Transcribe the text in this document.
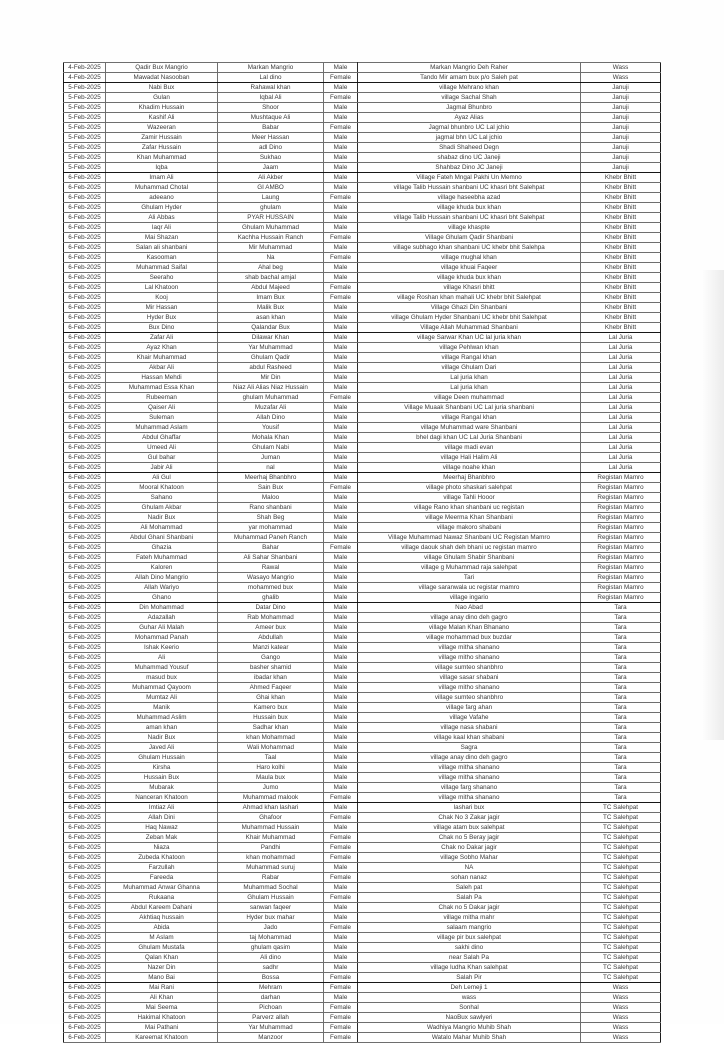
4-Feb-2025	Qadir Bux Mangrio	Markan Mangrio	Male	Markan Mangrio Deh Raher	Wass
4-Feb-2025	Mawadat Nasooban	Lal dino	Female	Tando Mir amam bux p/o Saleh pat	Wass
5-Feb-2025	Nabi Bux	Rahawal khan	Male	village Mehrano khan	Januji
5-Feb-2025	Gulan	Iqbal Ali	Female	village Sachal Shah	Januji
5-Feb-2025	Khadim Hussain	Shoor	Male	Jagmal Bhunbro	Januji
5-Feb-2025	Kashif Ali	Mushtaque Ali	Male	Ayaz Alias	Januji
5-Feb-2025	Wazeeran	Babar	Female	Jagmal bhunbro UC Lal jchio	Januji
5-Feb-2025	Zamir Hussain	Meer Hassan	Male	jagmal bhn UC Lal jchio	Januji
5-Feb-2025	Zafar Hussain	adl Dino	Male	Shadi Shaheed Degn	Januji
5-Feb-2025	Khan Muhammad	Sukhao	Male	shabaz dino UC Janeji	Januji
5-Feb-2025	Iqba	Jaam	Male	Shahbaz Dino JC Janeji	Januji
6-Feb-2025	Imam Ali	Ali Akber	Male	Village Fateh Mngal Pakhi Un Memno	Khebr Bhitt
6-Feb-2025	Muhammad Chotal	GI AMBO	Male	village Talib Hussain shanbani UC khasri bht Salehpat	Khebr Bhitt
6-Feb-2025	adeeano	Laung	Female	village haseebha azad	Khebr Bhitt
6-Feb-2025	Ghulam Hyder	ghulam	Male	village khuda bux khan	Khebr Bhitt
6-Feb-2025	Ali Abbas	PYAR HUSSAIN	Male	village Talib Hussain shanbani UC khasri bht Salehpat	Khebr Bhitt
6-Feb-2025	laqr Ali	Ghulam Muhammad	Male	village khaspte	Khebr Bhitt
6-Feb-2025	Mai Shazan	Kachha Hussain Ranch	Female	Village Ghulam Qadir Shanbani	Khebr Bhitt
6-Feb-2025	Salan ali shanbani	Mir Muhammad	Male	village subhago khan shanbani UC khebr bhit Salehpa	Khebr Bhitt
6-Feb-2025	Kasooman	Na	Female	village mughal khan	Khebr Bhitt
6-Feb-2025	Muhammad Saifal	Ahal beg	Male	village khuai Faqeer	Khebr Bhitt
6-Feb-2025	Seeraho	shab bachal amjal	Male	village khuda bux khan	Khebr Bhitt
6-Feb-2025	Lal Khatoon	Abdul Majeed	Female	village Khasri bhitt	Khebr Bhitt
6-Feb-2025	Kooj	Imam Bux	Female	village Roshan khan mahali UC khebr bhit Salehpat	Khebr Bhitt
6-Feb-2025	Mir Hassan	Malik Bux	Male	Village Ghazi Din Shanbani	Khebr Bhitt
6-Feb-2025	Hyder Bux	asan khan	Male	village Ghulam Hyder Shanbani UC khebr bhit Salehpat	Khebr Bhitt
6-Feb-2025	Bux Dino	Qalandar Bux	Male	Village Allah Muhammad Shanbani	Khebr Bhitt
6-Feb-2025	Zafar Ali	Dilawar Khan	Male	village Sarwar Khan UC lal juria khan	Lal Juria
6-Feb-2025	Ayaz Khan	Yar Muhammad	Male	village Pehlwan khan	Lal Juria
6-Feb-2025	Khair Muhammad	Ghulam Qadir	Male	village Rangal khan	Lal Juria
6-Feb-2025	Akbar Ali	abdul Rasheed	Male	village Ghulam Dari	Lal Juria
6-Feb-2025	Hassan Mehdi	Mir Din	Male	Lal juria khan	Lal Juria
6-Feb-2025	Muhammad Essa Khan	Niaz Ali Alias Niaz Hussain	Male	Lal juria khan	Lal Juria
6-Feb-2025	Rubeeman	ghulam Muhammad	Female	village Deen muhammad	Lal Juria
6-Feb-2025	Qaiser Ali	Muzafar Ali	Male	Village Muaak Shanbani UC Lal juria shanbani	Lal Juria
6-Feb-2025	Suleman	Allah Dino	Male	village Rangal khan	Lal Juria
6-Feb-2025	Muhammad Aslam	Yousif	Male	village Muhammad ware Shanbani	Lal Juria
6-Feb-2025	Abdul Ghaffar	Mohala Khan	Male	bhel dagi khan UC Lal Juria Shanbani	Lal Juria
6-Feb-2025	Umeed Ali	Ghulam Nabi	Male	village madi evan	Lal Juria
6-Feb-2025	Gul bahar	Juman	Male	village Hali Halim Ali	Lal Juria
6-Feb-2025	Jabir Ali	nal	Male	village noahe khan	Lal Juria
6-Feb-2025	Ali Gul	Meerhaj Bhanbhro	Male	Meerhaj Bhanbhro	Registan Mamro
6-Feb-2025	Mooral Khatoon	Sain Bux	Female	village photo shaskari salehpat	Registan Mamro
6-Feb-2025	Sahano	Maloo	Male	village Tahli Hooor	Registan Mamro
6-Feb-2025	Ghulam Akbar	Rano shanbani	Male	village Rano khan shanbani uc registan	Registan Mamro
6-Feb-2025	Nadir Bux	Shah Beg	Male	village Meerma Khan Shanbani	Registan Mamro
6-Feb-2025	Ali Mohammad	yar mohammad	Male	village makoro shabani	Registan Mamro
6-Feb-2025	Abdul Ghani Shanbani	Muhammad Paneh Ranch	Male	Village Muhammad Nawaz Shanbani UC Registan Mamro	Registan Mamro
6-Feb-2025	Ghazia	Bahar	Female	village daouk shah deh bhani uc registan mamro	Registan Mamro
6-Feb-2025	Fateh Muhammad	Ali Sahar Shanbani	Male	village Ghulam Shabir Shanbani	Registan Mamro
6-Feb-2025	Kaloren	Rawal	Male	village g Muhammad raja salehpat	Registan Mamro
6-Feb-2025	Allah Dino Mangrio	Wasayo Mangrio	Male	Tari	Registan Mamro
6-Feb-2025	Allah Wariyo	mohammed bux	Male	village saranwala uc registar mamro	Registan Mamro
6-Feb-2025	Ghano	ghalib	Male	village ingario	Registan Mamro
6-Feb-2025	Din Mohammad	Datar Dino	Male	Nao Abad	Tara
6-Feb-2025	Adazallah	Rab Mohammad	Male	village anay dino deh gagro	Tara
6-Feb-2025	Guhar Ali Malah	Ameer bux	Male	village Malan Khan Bhanano	Tara
6-Feb-2025	Mohammad Panah	Abdullah	Male	village mohammad bux buzdar	Tara
6-Feb-2025	Ishak Keerio	Manzi katear	Male	village mitha shanano	Tara
6-Feb-2025	Ali	Gango	Male	village mitho shanano	Tara
6-Feb-2025	Muhammad Yousuf	basher shamid	Male	village sumteo shanbhro	Tara
6-Feb-2025	masud bux	ibadar khan	Male	village sasar shabani	Tara
6-Feb-2025	Muhammad Qayoom	Ahmed Faqeer	Male	village mitho shanano	Tara
6-Feb-2025	Mumtaz Ali	Ghai khan	Male	village sumteo shanbhro	Tara
6-Feb-2025	Manik	Kamero bux	Male	village farg ahan	Tara
6-Feb-2025	Muhammad Aslim	Hussain bux	Male	village Vafahe	Tara
6-Feb-2025	aman khan	Sadhar khan	Male	village nasa shabani	Tara
6-Feb-2025	Nadir Bux	khan Mohammad	Male	village kaal khan shabani	Tara
6-Feb-2025	Javed Ali	Wali Mohammad	Male	Sagra	Tara
6-Feb-2025	Ghulam Hussain	Taal	Male	village anay dino deh gagro	Tara
6-Feb-2025	Kirsha	Haro kolhi	Male	village mitha shanano	Tara
6-Feb-2025	Hussain Bux	Maula bux	Male	village mitha shanano	Tara
6-Feb-2025	Mubarak	Jumo	Male	village farg shanano	Tara
6-Feb-2025	Nanceran Khatoon	Muhammad malook	Female	village mitha shanano	Tara
6-Feb-2025	Imtiaz Ali	Ahmad khan lashari	Male	lashari bux	TC Salehpat
6-Feb-2025	Allah Dini	Ghafoor	Female	Chak No 3 Zakar jagir	TC Salehpat
6-Feb-2025	Haq Nawaz	Muhammad Hussain	Male	village atam bux salehpat	TC Salehpat
6-Feb-2025	Zeban Mak	Khair Muhammad	Female	Chak no 5 Beray jagir	TC Salehpat
6-Feb-2025	Niaza	Pandhi	Female	Chak no Dakar jagir	TC Salehpat
6-Feb-2025	Zubeda Khatoon	khan mohammad	Female	village Sobho Mahar	TC Salehpat
6-Feb-2025	Farzullah	Muhammad suruj	Male	NA	TC Salehpat
6-Feb-2025	Fareeda	Rabar	Female	sohan nanaz	TC Salehpat
6-Feb-2025	Muhammad Anwar Ghanna	Muhammad Sochal	Male	Saleh pat	TC Salehpat
6-Feb-2025	Rukaana	Ghulam Hussain	Female	Salah Pa	TC Salehpat
6-Feb-2025	Abdul Kareem Dahani	sanwan faqeer	Male	Chak no 5 Dakar jagir	TC Salehpat
6-Feb-2025	Akhtiaq hussain	Hyder bux mahar	Male	village mitha mahr	TC Salehpat
6-Feb-2025	Abida	Jado	Female	salaam mangrio	TC Salehpat
6-Feb-2025	M Aslam	taj Mohammad	Male	village pir bux salehpat	TC Salehpat
6-Feb-2025	Ghulam Mustafa	ghulam qasim	Male	sakhi dino	TC Salehpat
6-Feb-2025	Qalan Khan	Ali dino	Male	near Salah Pa	TC Salehpat
6-Feb-2025	Nazer Din	sadhr	Male	village ludha Khan salehpat	TC Salehpat
6-Feb-2025	Mano Bai	Bossa	Female	Salah Pir	TC Salehpat
6-Feb-2025	Mai Rani	Mehram	Female	Deh Lemeji 1	Wass
6-Feb-2025	Ali Khan	darhan	Male	wass	Wass
6-Feb-2025	Mai Seema	Pichoan	Female	Sonhal	Wass
6-Feb-2025	Hakimal Khatoon	Parverz allah	Female	NaoBux sawlyeri	Wass
6-Feb-2025	Mai Pathani	Yar Muhammad	Female	Wadhiya Mangrio Muhib Shah	Wass
6-Feb-2025	Kareemat Khatoon	Manzoor	Female	Watalo Mahar Muhib Shah	Wass
